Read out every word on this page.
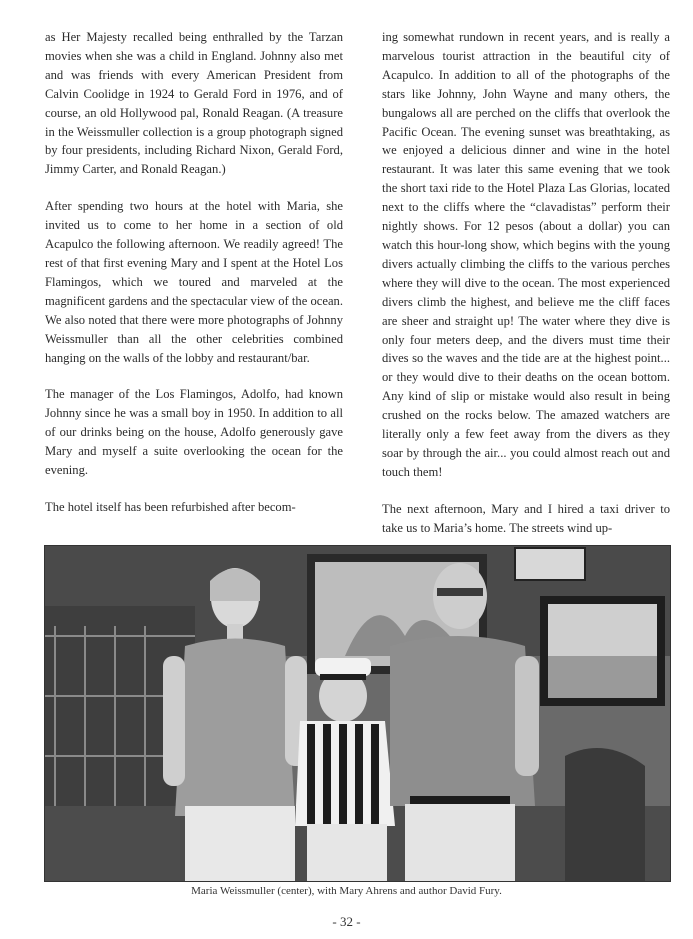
as Her Majesty recalled being enthralled by the Tarzan movies when she was a child in England. Johnny also met and was friends with every American President from Calvin Coolidge in 1924 to Gerald Ford in 1976, and of course, an old Hollywood pal, Ronald Reagan. (A treasure in the Weissmuller collection is a group photograph signed by four presidents, including Richard Nixon, Gerald Ford, Jimmy Carter, and Ronald Reagan.)

After spending two hours at the hotel with Maria, she invited us to come to her home in a section of old Acapulco the following afternoon. We readily agreed! The rest of that first evening Mary and I spent at the Hotel Los Flamingos, which we toured and marveled at the magnificent gardens and the spectacular view of the ocean. We also noted that there were more photographs of Johnny Weissmuller than all the other celebrities combined hanging on the walls of the lobby and restaurant/bar.

The manager of the Los Flamingos, Adolfo, had known Johnny since he was a small boy in 1950. In addition to all of our drinks being on the house, Adolfo generously gave Mary and myself a suite overlooking the ocean for the evening.

The hotel itself has been refurbished after becom-

ing somewhat rundown in recent years, and is really a marvelous tourist attraction in the beautiful city of Acapulco. In addition to all of the photographs of the stars like Johnny, John Wayne and many others, the bungalows all are perched on the cliffs that overlook the Pacific Ocean. The evening sunset was breathtaking, as we enjoyed a delicious dinner and wine in the hotel restaurant. It was later this same evening that we took the short taxi ride to the Hotel Plaza Las Glorias, located next to the cliffs where the “clavadistas” perform their nightly shows. For 12 pesos (about a dollar) you can watch this hour-long show, which begins with the young divers actually climbing the cliffs to the various perches where they will dive to the ocean. The most experienced divers climb the highest, and believe me the cliff faces are sheer and straight up! The water where they dive is only four meters deep, and the divers must time their dives so the waves and the tide are at the highest point... or they would dive to their deaths on the ocean bottom. Any kind of slip or mistake would also result in being crushed on the rocks below. The amazed watchers are literally only a few feet away from the divers as they soar by through the air... you could almost reach out and touch them!

The next afternoon, Mary and I hired a taxi driver to take us to Maria’s home. The streets wind up-

Maria Weissmuller (center), with Mary Ahrens and author David Fury.
- 32 -
